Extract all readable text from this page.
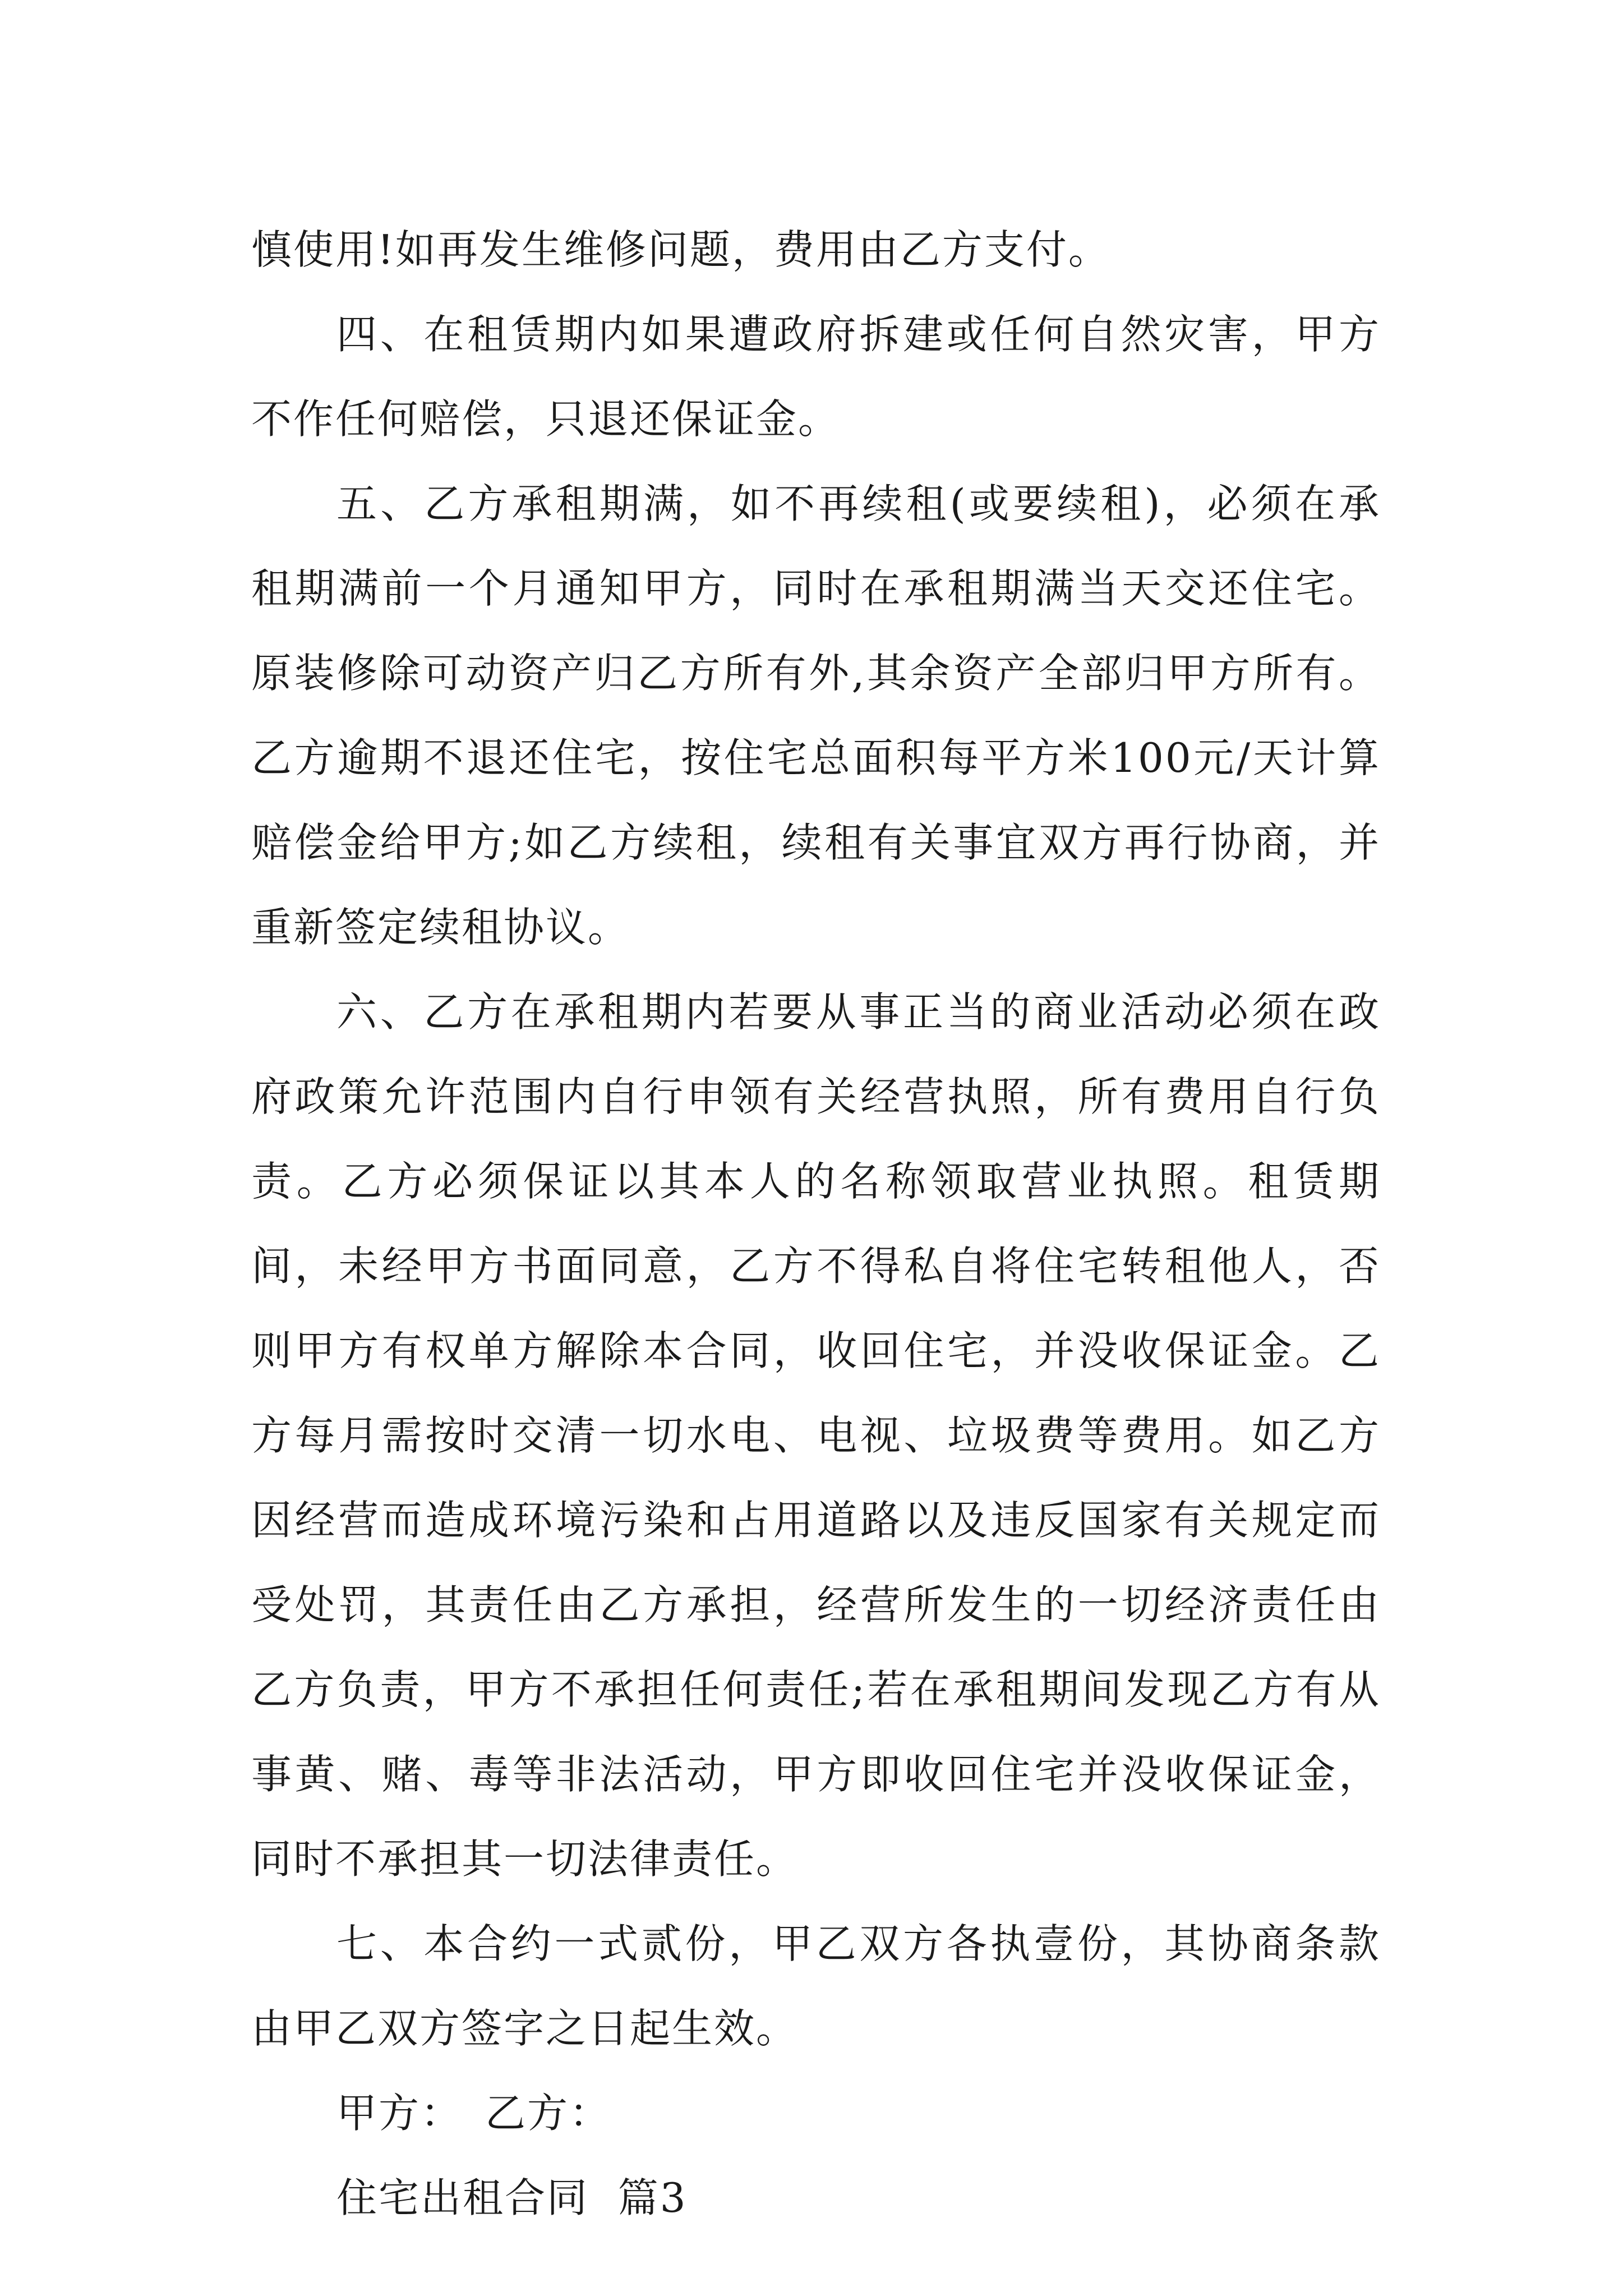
慎使用!如再发生维修问题，费用由乙方支付。

四、在租赁期内如果遭政府拆建或任何自然灾害，甲方不作任何赔偿，只退还保证金。

五、乙方承租期满，如不再续租(或要续租)，必须在承租期满前一个月通知甲方，同时在承租期满当天交还住宅。原装修除可动资产归乙方所有外,其余资产全部归甲方所有。乙方逾期不退还住宅，按住宅总面积每平方米100元/天计算赔偿金给甲方;如乙方续租，续租有关事宜双方再行协商，并重新签定续租协议。

六、乙方在承租期内若要从事正当的商业活动必须在政府政策允许范围内自行申领有关经营执照，所有费用自行负责。乙方必须保证以其本人的名称领取营业执照。租赁期间，未经甲方书面同意，乙方不得私自将住宅转租他人，否则甲方有权单方解除本合同，收回住宅，并没收保证金。乙方每月需按时交清一切水电、电视、垃圾费等费用。如乙方因经营而造成环境污染和占用道路以及违反国家有关规定而受处罚，其责任由乙方承担，经营所发生的一切经济责任由乙方负责，甲方不承担任何责任;若在承租期间发现乙方有从事黄、赌、毒等非法活动，甲方即收回住宅并没收保证金，同时不承担其一切法律责任。

七、本合约一式贰份，甲乙双方各执壹份，其协商条款由甲乙双方签字之日起生效。

甲方： 乙方：

住宅出租合同  篇3
